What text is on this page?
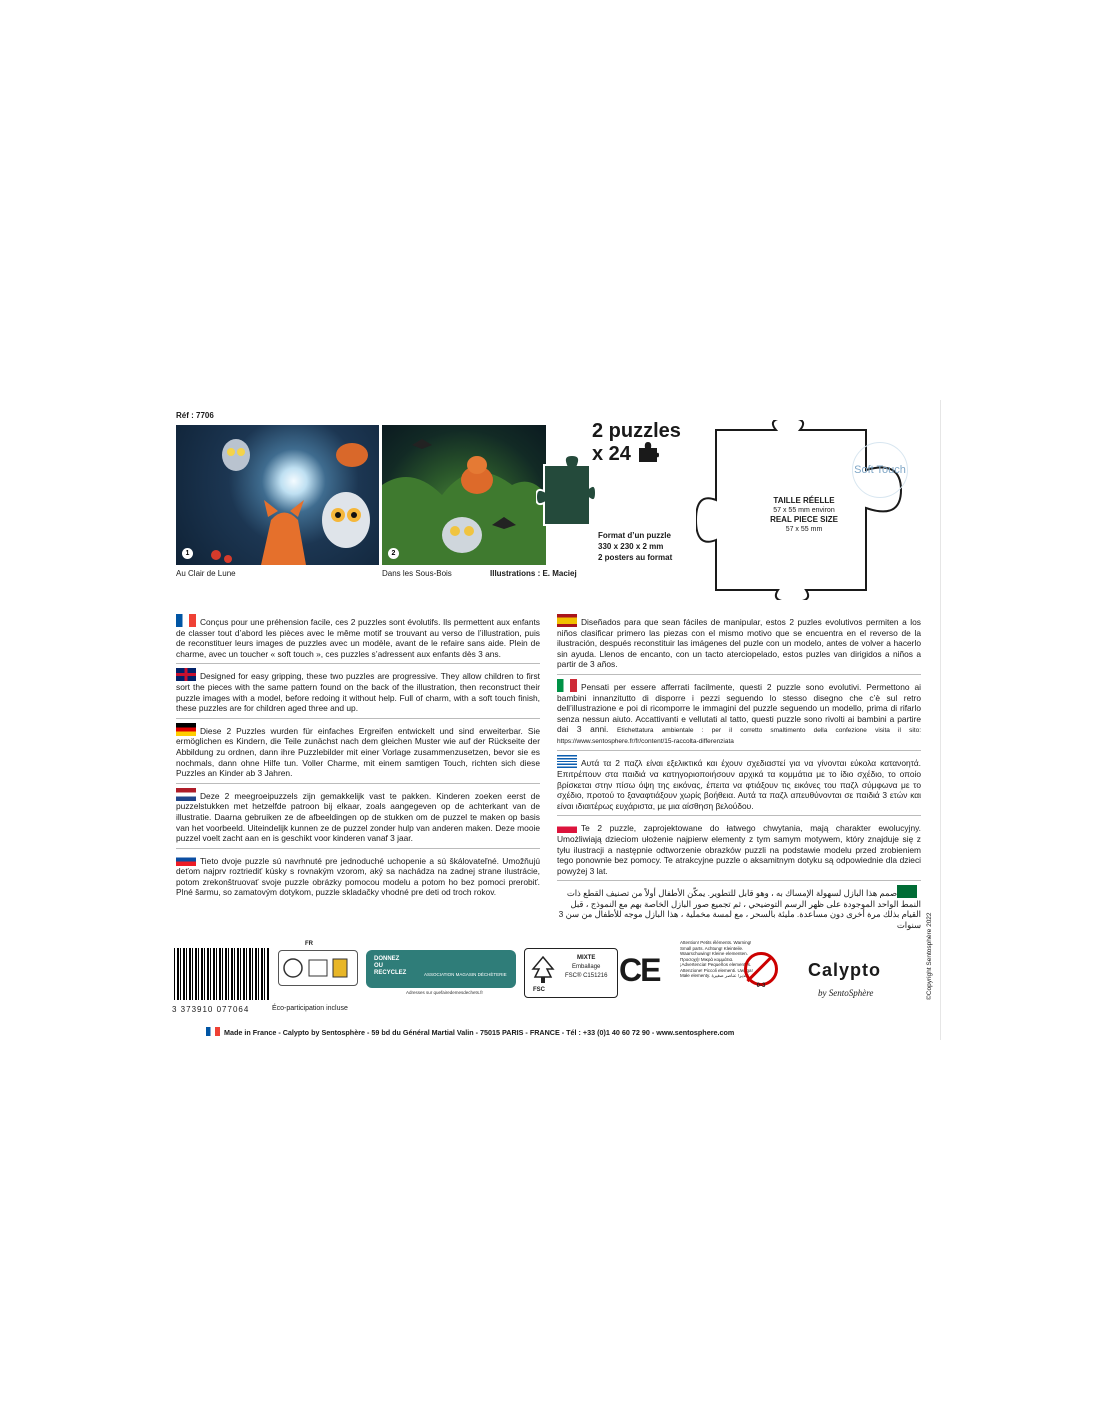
Réf : 7706
1	2
Au Clair de Lune	Dans les Sous-Bois	Illustrations : E. Maciej
2 puzzles
x 24
Format d’un puzzle
330 x 230 x 2 mm
2 posters au format
Soft Touch
TAILLE RÉELLE
57 x 55 mm environ
REAL PIECE SIZE
57 x 55 mm
Conçus pour une préhension facile, ces 2 puzzles sont évolutifs. Ils permettent aux enfants de classer tout d’abord les pièces avec le même motif se trouvant au verso de l’illustration, puis de reconstituer leurs images de puzzles avec un modèle, avant de le refaire sans aide. Plein de charme, avec un toucher « soft touch », ces puzzles s’adressent aux enfants dès 3 ans.
Designed for easy gripping, these two puzzles are progressive. They allow children to first sort the pieces with the same pattern found on the back of the illustration, then reconstruct their puzzle images with a model, before redoing it without help. Full of charm, with a soft touch finish, these puzzles are for children aged three and up.
Diese 2 Puzzles wurden für einfaches Ergreifen entwickelt und sind erweiterbar. Sie ermöglichen es Kindern, die Teile zunächst nach dem gleichen Muster wie auf der Rückseite der Abbildung zu ordnen, dann ihre Puzzlebilder mit einer Vorlage zusammenzusetzen, bevor sie es nochmals, dann ohne Hilfe tun. Voller Charme, mit einem samtigen Touch, richten sich diese Puzzles an Kinder ab 3 Jahren.
Deze 2 meegroeipuzzels zijn gemakkelijk vast te pakken. Kinderen zoeken eerst de puzzelstukken met hetzelfde patroon bij elkaar, zoals aangegeven op de achterkant van de illustratie. Daarna gebruiken ze de afbeeldingen op de stukken om de puzzel te maken op basis van het voorbeeld. Uiteindelijk kunnen ze de puzzel zonder hulp van anderen maken. Deze mooie puzzel voelt zacht aan en is geschikt voor kinderen vanaf 3 jaar.
Tieto dvoje puzzle sú navrhnuté pre jednoduché uchopenie a sú škálovateľné. Umožňujú deťom najprv roztriediť kúsky s rovnakým vzorom, aký sa nachádza na zadnej strane ilustrácie, potom zrekonštruovať svoje puzzle obrázky pomocou modelu a potom ho bez pomoci prerobiť. Plné šarmu, so zamatovým dotykom, puzzle skladačky vhodné pre deti od troch rokov.
Diseñados para que sean fáciles de manipular, estos 2 puzles evolutivos permiten a los niños clasificar primero las piezas con el mismo motivo que se encuentra en el reverso de la ilustración, después reconstituir las imágenes del puzle con un modelo, antes de volver a hacerlo sin ayuda. Llenos de encanto, con un tacto aterciopelado, estos puzles van dirigidos a niños a partir de 3 años.
Pensati per essere afferrati facilmente, questi 2 puzzle sono evolutivi. Permettono ai bambini innanzitutto di disporre i pezzi seguendo lo stesso disegno che c’è sul retro dell’illustrazione e poi di ricomporre le immagini del puzzle seguendo un modello, prima di rifarlo senza nessun aiuto. Accattivanti e vellutati al tatto, questi puzzle sono rivolti ai bambini a partire dai 3 anni. Etichettatura ambientale : per il corretto smaltimento della confezione visita il sito: https://www.sentosphere.fr/fr/content/15-raccolta-differenziata
Αυτά τα 2 παζλ είναι εξελικτικά και έχουν σχεδιαστεί για να γίνονται εύκολα κατανοητά. Επιτρέπουν στα παιδιά να κατηγοριοποιήσουν αρχικά τα κομμάτια με το ίδιο σχέδιο, το οποίο βρίσκεται στην πίσω όψη της εικόνας, έπειτα να φτιάξουν τις εικόνες του παζλ σύμφωνα με το σχέδιο, προτού το ξαναφτιάξουν χωρίς βοήθεια. Αυτά τα παζλ απευθύνονται σε παιδιά 3 ετών και είναι ιδιαιτέρως ευχάριστα, με μια αίσθηση βελούδου.
Te 2 puzzle, zaprojektowane do łatwego chwytania, mają charakter ewolucyjny. Umożliwiają dzieciom ułożenie najpierw elementy z tym samym motywem, który znajduje się z tyłu ilustracji a następnie odtworzenie obrazków puzzli na podstawie modelu przed zrobieniem tego ponownie bez pomocy. Te atrakcyjne puzzle o aksamitnym dotyku są odpowiednie dla dzieci powyżej 3 lat.
صمم هذا البازل لسهولة الإمساك به ، وهو قابل للتطوير. يمكّن الأطفال أولاً من تصنيف القطع ذات النمط الواحد الموجودة على ظهر الرسم التوضيحي ، ثم تجميع صور البازل الخاصة بهم مع النموذج ، قبل القيام بذلك مرة أخرى دون مساعدة. مليئة بالسحر ، مع لمسة مخملية ، هذا البازل موجه للأطفال من سن 3 سنوات
3 373910 077064
FR
Éco-participation incluse
DONNEZ
OU
RECYCLEZ	ASSOCIATION MAGASIN DÉCHÈTERIE
Adresses sur quefairedemesdechets.fr
MIXTE
Emballage
FSC® C151216
FSC
CE
Attention! Petits éléments. Warning! Small parts. Achtung! Kleinteile. Waarschuwing! Kleine elementen. Προσοχή! Μικρά κομμάτια. ¡Advertencia! Pequeños elementos. Attenzione! Piccoli elementi. Uwaga! Małe elementy. تحذير! عناصر صغيرة
0-3
Calypto
by SentoSphère
Made in France - Calypto by Sentosphère - 59 bd du Général Martial Valin - 75015 PARIS - FRANCE - Tél : +33 (0)1 40 60 72 90 - www.sentosphere.com
©Copyright Sentosphère 2022
